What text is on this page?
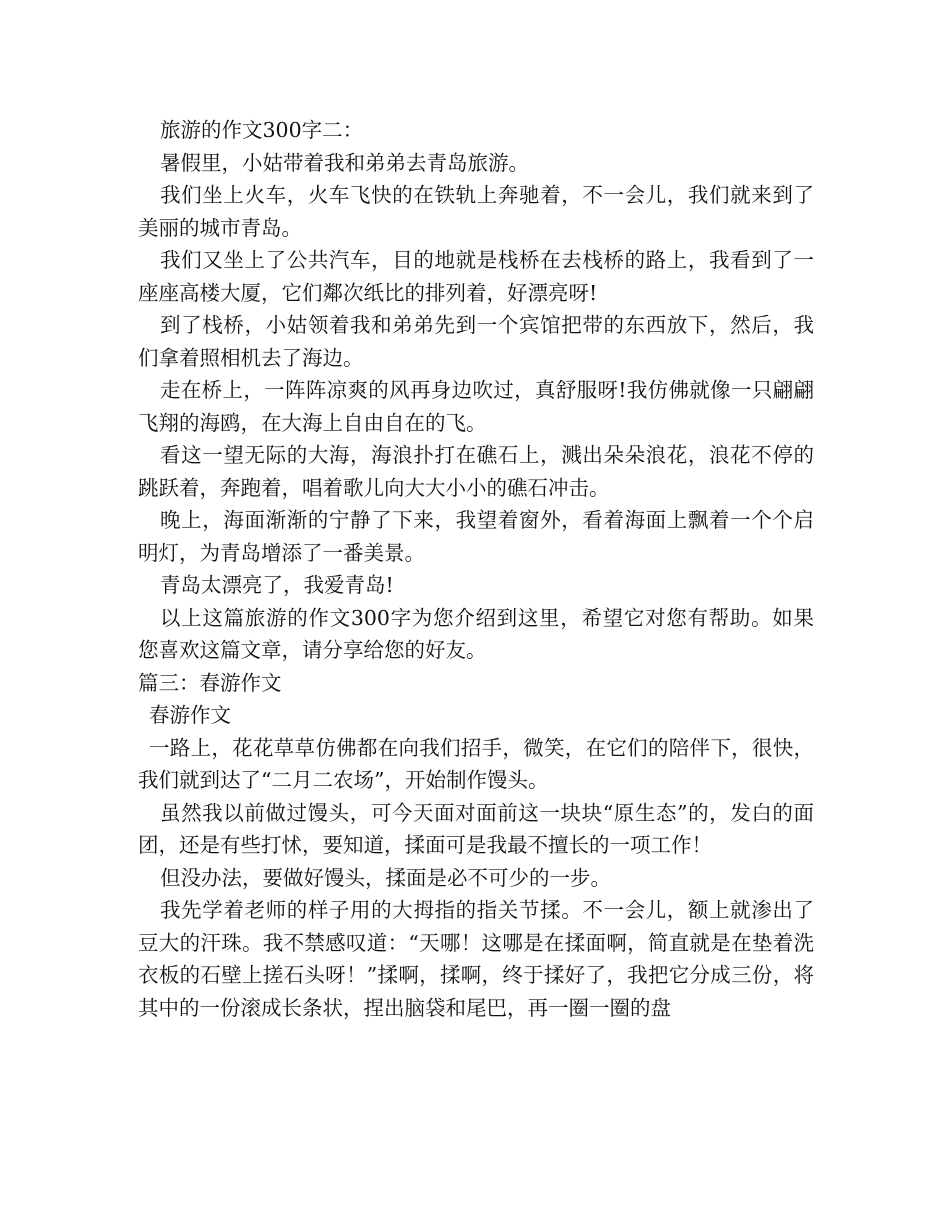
旅游的作文300字二：

暑假里，小姑带着我和弟弟去青岛旅游。

我们坐上火车，火车飞快的在铁轨上奔驰着，不一会儿，我们就来到了美丽的城市青岛。

我们又坐上了公共汽车，目的地就是栈桥在去栈桥的路上，我看到了一座座高楼大厦，它们鄰次纸比的排列着，好漂亮呀!

到了栈桥，小姑领着我和弟弟先到一个宾馆把带的东西放下，然后，我们拿着照相机去了海边。

走在桥上，一阵阵凉爽的风再身边吹过，真舒服呀!我仿佛就像一只翩翩飞翔的海鸥，在大海上自由自在的飞。

看这一望无际的大海，海浪扑打在礁石上，溅出朵朵浪花，浪花不停的跳跃着，奔跑着，唱着歌儿向大大小小的礁石冲击。

晚上，海面渐渐的宁静了下来，我望着窗外，看着海面上飘着一个个启明灯，为青岛增添了一番美景。

青岛太漂亮了，我爱青岛!

以上这篇旅游的作文300字为您介绍到这里，希望它对您有帮助。如果您喜欢这篇文章，请分享给您的好友。

篇三：春游作文

春游作文

一路上，花花草草仿佛都在向我们招手，微笑，在它们的陪伴下，很快，我们就到达了“二月二农场”，开始制作馒头。

虽然我以前做过馒头，可今天面对面前这一块块“原生态”的，发白的面团，还是有些打怵，要知道，揉面可是我最不擅长的一项工作！

但没办法，要做好馒头，揉面是必不可少的一步。

我先学着老师的样子用的大拇指的指关节揉。不一会儿，额上就渗出了豆大的汗珠。我不禁感叹道：“天哪！这哪是在揉面啊，简直就是在垫着洗衣板的石壁上搓石头呀！”揉啊，揉啊，终于揉好了，我把它分成三份，将其中的一份滚成长条状，捏出脑袋和尾巴，再一圈一圈的盘
